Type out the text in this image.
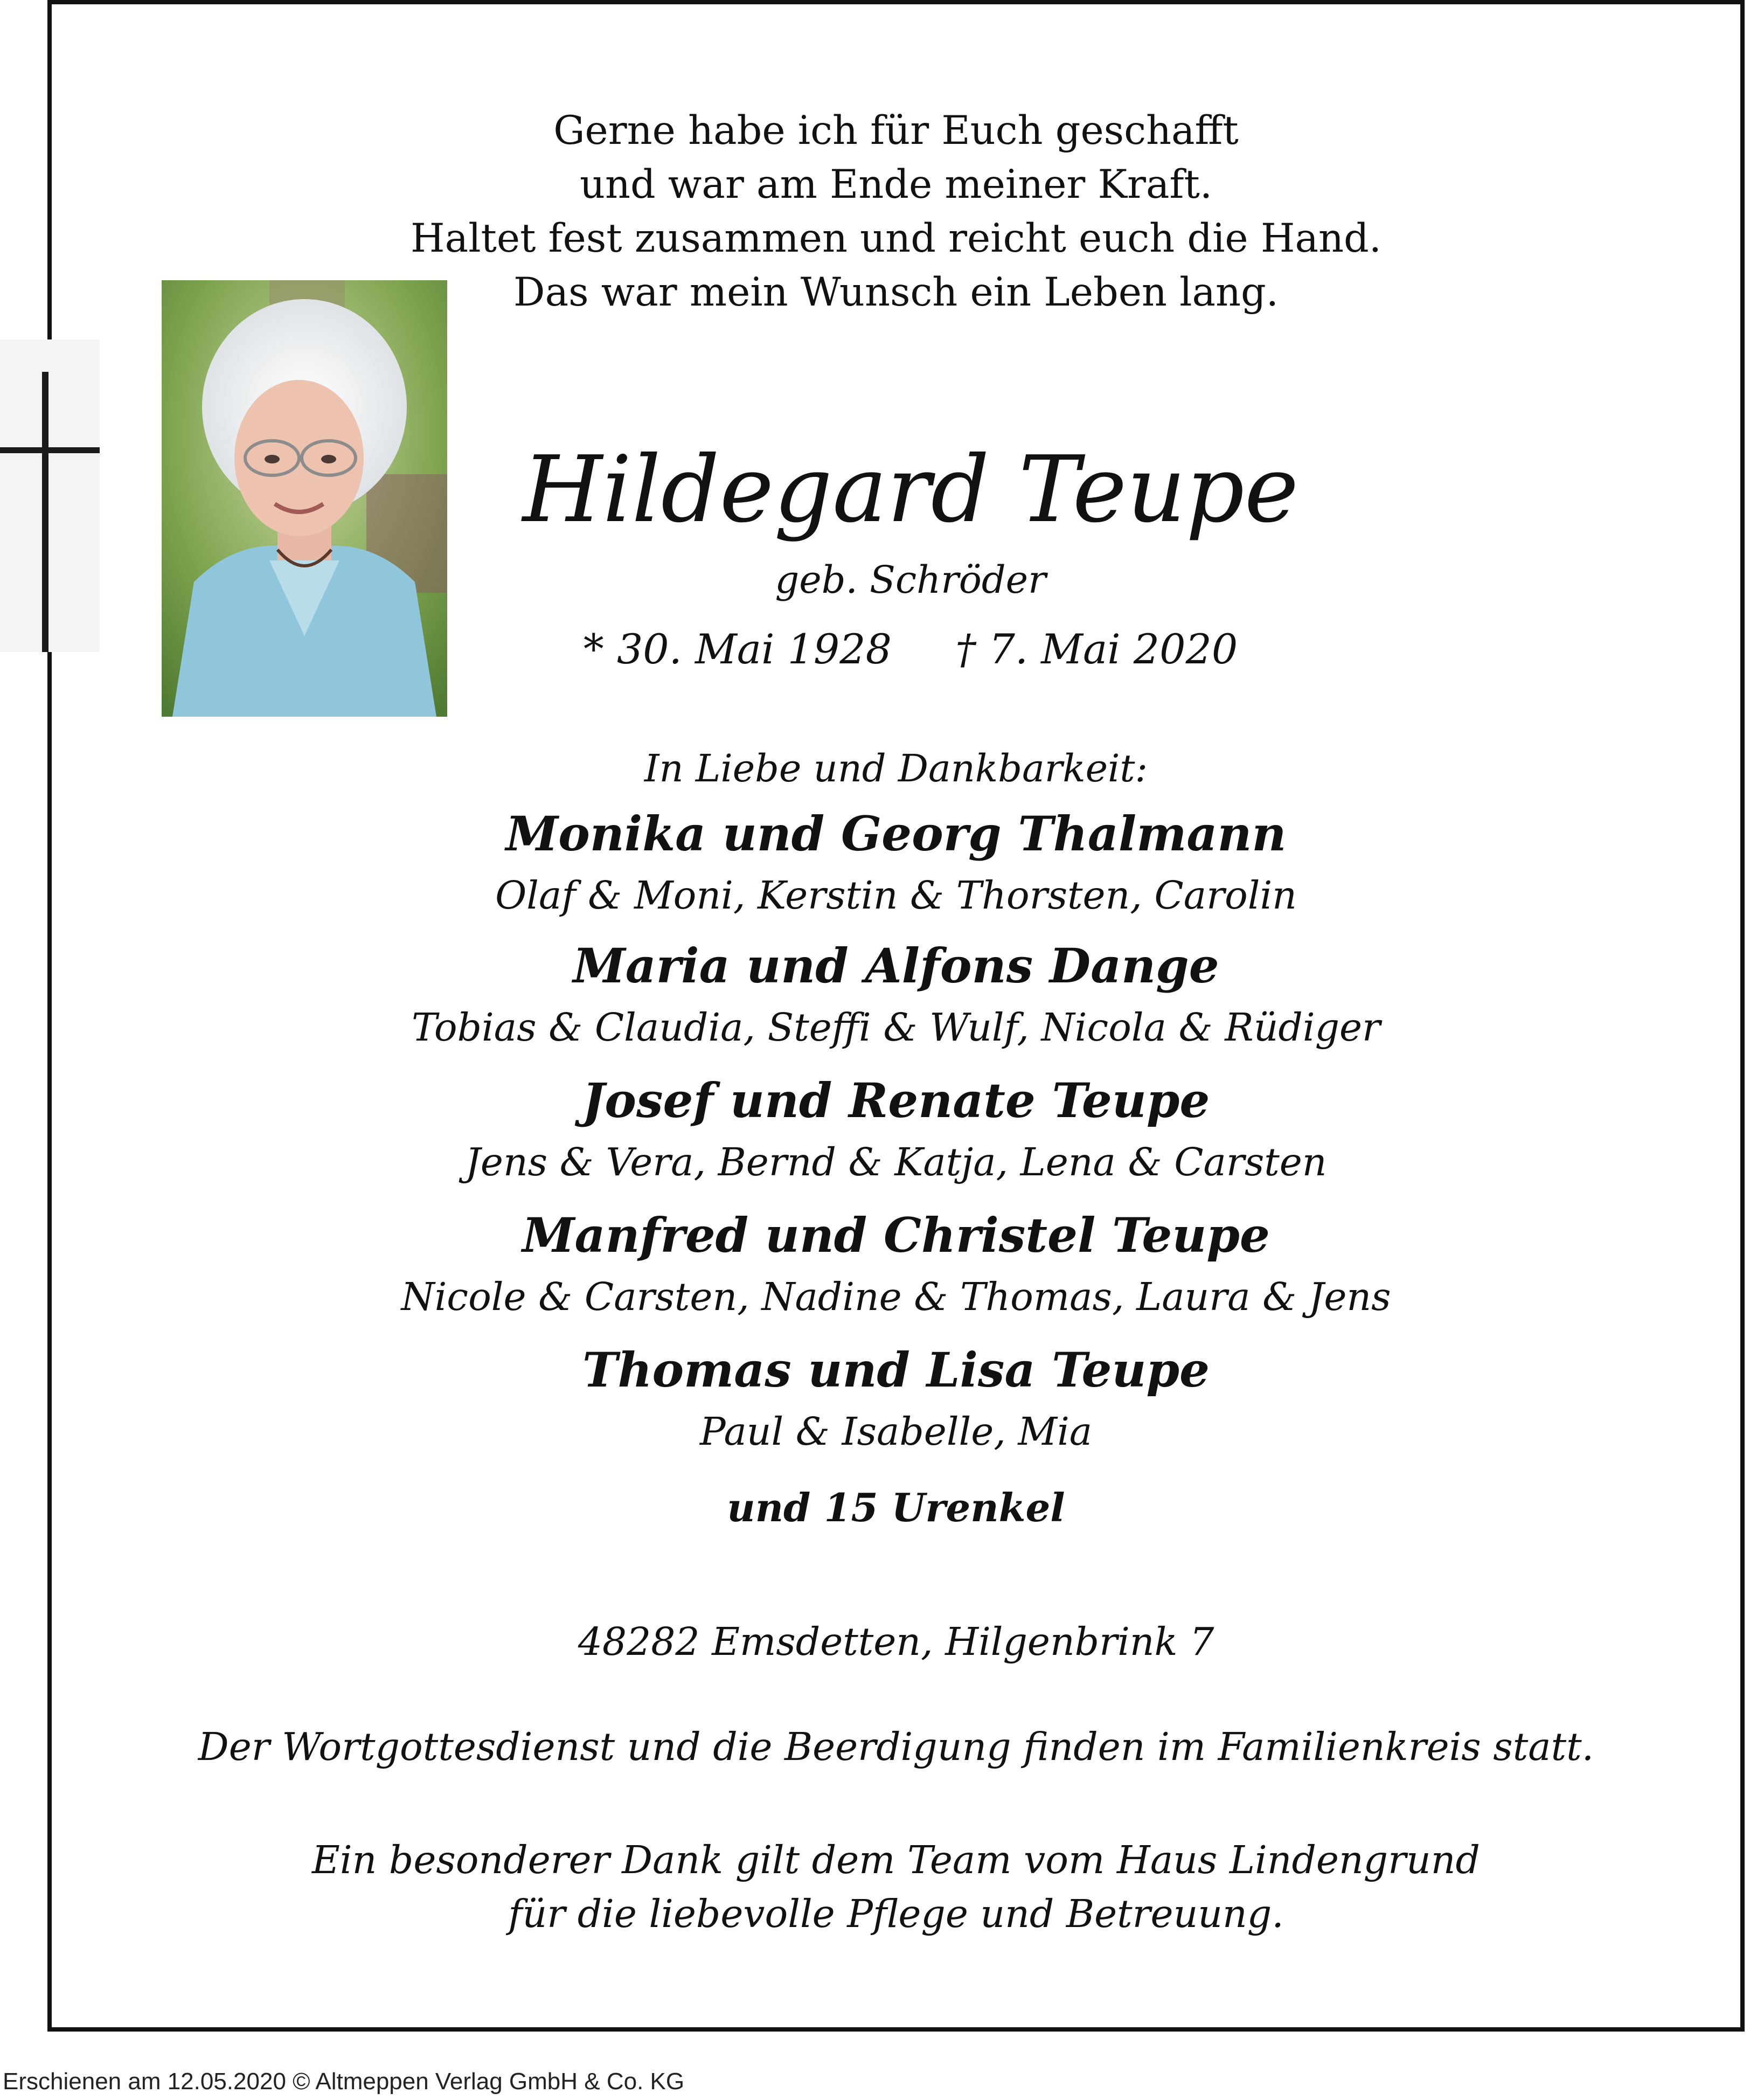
Gerne habe ich für Euch geschafft
und war am Ende meiner Kraft.
Haltet fest zusammen und reicht euch die Hand.
Das war mein Wunsch ein Leben lang.
Hildegard Teupe
geb. Schröder
* 30. Mai 1928 † 7. Mai 2020
In Liebe und Dankbarkeit:
Monika und Georg Thalmann
Olaf & Moni, Kerstin & Thorsten, Carolin
Maria und Alfons Dange
Tobias & Claudia, Steffi & Wulf, Nicola & Rüdiger
Josef und Renate Teupe
Jens & Vera, Bernd & Katja, Lena & Carsten
Manfred und Christel Teupe
Nicole & Carsten, Nadine & Thomas, Laura & Jens
Thomas und Lisa Teupe
Paul & Isabelle, Mia
und 15 Urenkel
48282 Emsdetten, Hilgenbrink 7
Der Wortgottesdienst und die Beerdigung finden im Familienkreis statt.
Ein besonderer Dank gilt dem Team vom Haus Lindengrund
für die liebevolle Pflege und Betreuung.
Erschienen am 12.05.2020 © Altmeppen Verlag GmbH & Co. KG
